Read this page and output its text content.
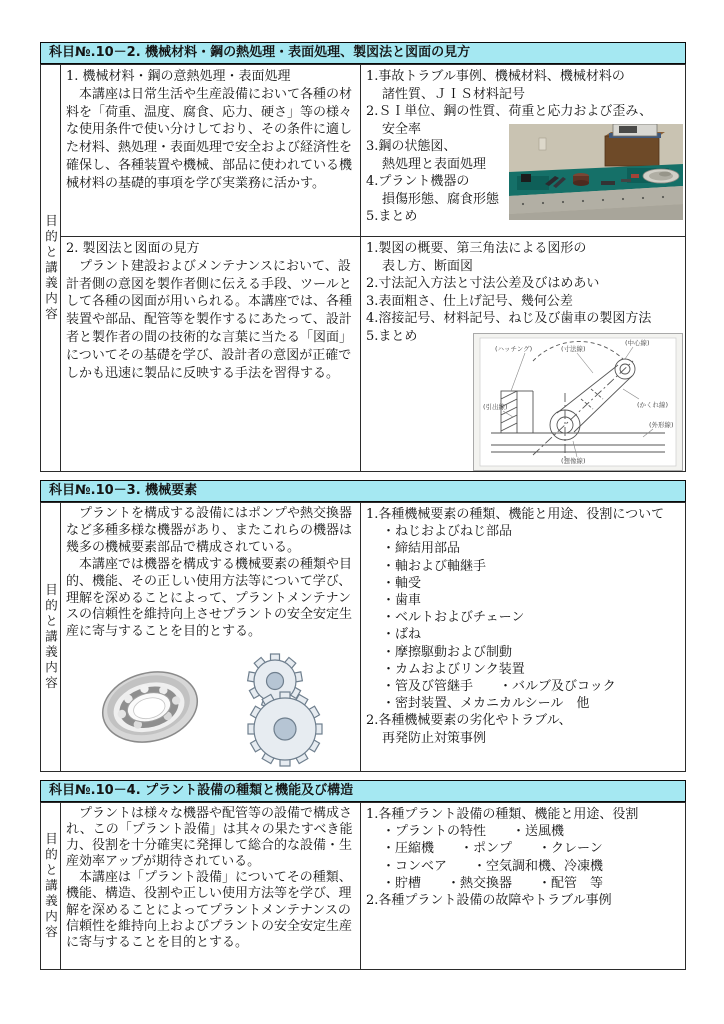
科目№.10－2. 機械材料・鋼の熱処理・表面処理、製図法と図面の見方
目的と講義内容
1. 機械材料・鋼の意熱処理・表面処理

　本講座は日常生活や生産設備において各種の材料を「荷重、温度、腐食、応力、硬さ」等の様々な使用条件で使い分けしており、その条件に適した材料、熱処理・表面処理で安全および経済性を確保し、各種装置や機械、部品に使われている機械材料の基礎的事項を学び実業務に活かす。

1.事故トラブル事例、機械材料、機械材料の
諸性質、ＪＩＳ材料記号
2.ＳＩ単位、鋼の性質、荷重と応力および歪み、
安全率
3.鋼の状態図、
熱処理と表面処理
4.プラント機器の
損傷形態、腐食形態
5.まとめ
2. 製図法と図面の見方

　プラント建設およびメンテナンスにおいて、設計者側の意図を製作者側に伝える手段、ツールとして各種の図面が用いられる。本講座では、各種装置や部品、配管等を製作するにあたって、設計者と製作者の間の技術的な言葉に当たる「図面」についてその基礎を学び、設計者の意図が正確でしかも迅速に製品に反映する手法を習得する。

1.製図の概要、第三角法による図形の
表し方、断面図
2.寸法記入方法と寸法公差及びはめあい
3.表面粗さ、仕上げ記号、幾何公差
4.溶接記号、材料記号、ねじ及び歯車の製図方法
5.まとめ
(ハッチング)	(寸法線)
(中心線)
(かくれ線)
(外形線)
(引出線)
(想像線)
科目№.10－3. 機械要素
目的と講義内容

　プラントを構成する設備にはポンプや熱交換器など多種多様な機器があり、またこれらの機器は幾多の機械要素部品で構成されている。

　本講座では機器を構成する機械要素の種類や目的、機能、その正しい使用方法等について学び、理解を深めることによって、プラントメンテナンスの信頼性を維持向上させプラントの安全安定生産に寄与することを目的とする。

1.各種機械要素の種類、機能と用途、役割について
・ねじおよびねじ部品
・締結用部品
・軸および軸継手
・軸受
・歯車
・ベルトおよびチェーン
・ばね
・摩擦駆動および制動
・カムおよびリンク装置
・管及び管継手　　・バルブ及びコック
・密封装置、メカニカルシール　他
2.各種機械要素の劣化やトラブル、
再発防止対策事例
科目№.10－4. プラント設備の種類と機能及び構造
目的と講義内容

　プラントは様々な機器や配管等の設備で構成され、この「プラント設備」は其々の果たすべき能力、役割を十分確実に発揮して総合的な設備・生産効率アップが期待されている。

　本講座は「プラント設備」についてその種類、機能、構造、役割や正しい使用方法等を学び、理解を深めることによってプラントメンテナンスの信頼性を維持向上およびプラントの安全安定生産に寄与することを目的とする。

1.各種プラント設備の種類、機能と用途、役割
・プラントの特性　　・送風機
・圧縮機　　・ポンプ　　・クレーン
・コンベア　　・空気調和機、冷凍機
・貯槽　　・熱交換器　　・配管　等
2.各種プラント設備の故障やトラブル事例
